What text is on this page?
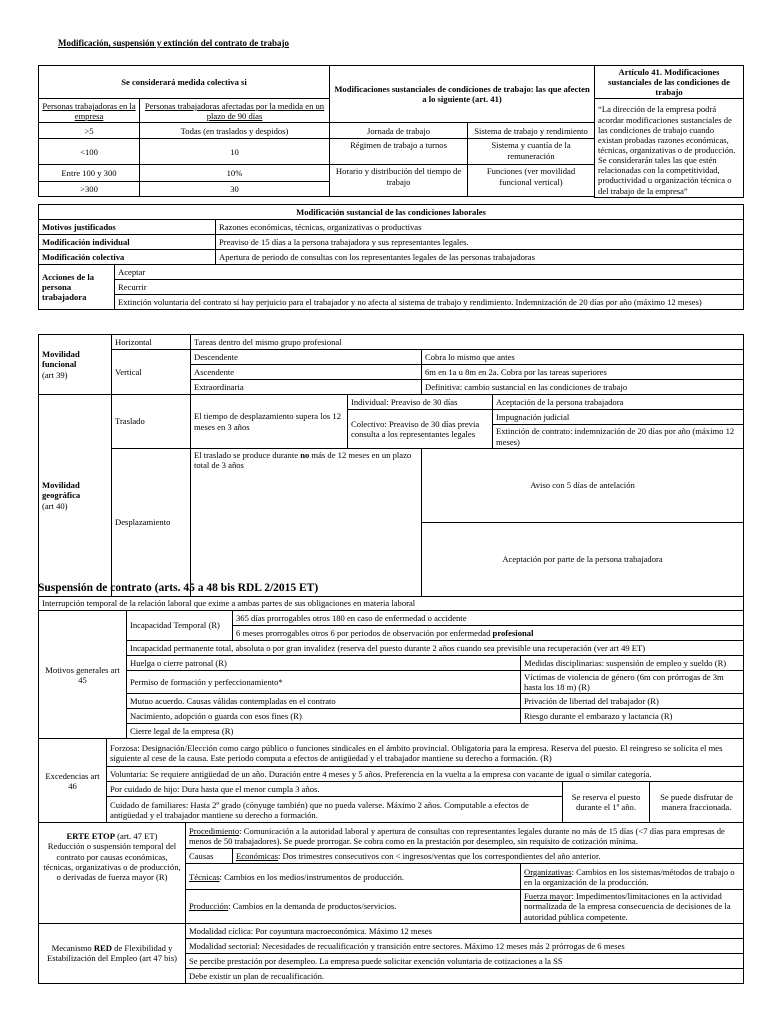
Modificación, suspensión y extinción del contrato de trabajo
Se considerará medida colectiva si		Modificaciones sustanciales de condiciones de trabajo: las que afecten a lo siguiente (art. 41)		Artículo 41. Modificaciones sustanciales de las condiciones de trabajo
Personas trabajadoras en la empresa	Personas trabajadoras afectadas por la medida en un plazo de 90 días			“La dirección de la empresa podrá acordar modificaciones sustanciales de las condiciones de trabajo cuando existan probadas razones económicas, técnicas, organizativas o de producción. Se considerarán tales las que estén relacionadas con la competitividad, productividad u organización técnica o del trabajo de la empresa”
>5	Todas (en traslados y despidos)	Jornada de trabajo	Sistema de trabajo y rendimiento	
<100	10	Régimen de trabajo a turnos	Sistema y cuantía de la remuneración	
Entre 100 y 300	10%	Horario y distribución del tiempo de trabajo	Funciones (ver movilidad funcional vertical)	
>300	30			

Modificación sustancial de las condiciones laborales		
Motivos justificados		Razones económicas, técnicas, organizativas o productivas
Modificación individual		Preaviso de 15 días a la persona trabajadora y sus representantes legales.
Modificación colectiva		Apertura de periodo de consultas con los representantes legales de las personas trabajadoras
Acciones de la persona trabajadora	Aceptar	
	Recurrir	
	Extinción voluntaria del contrato si hay perjuicio para el trabajador y no afecta al sistema de trabajo y rendimiento. Indemnización de 20 días por año (máximo 12 meses)	
Movilidad funcional
(art 39)	Horizontal	Tareas dentro del mismo grupo profesional				
	Vertical	Descendente		Cobra lo mismo que antes		
		Ascendente		6m en 1a u 8m en 2a. Cobra por las tareas superiores		
		Extraordinaria		Definitiva: cambio sustancial en las condiciones de trabajo		
Movilidad geográfica
(art 40)	Traslado	El tiempo de desplazamiento supera los 12 meses en 3 años	Individual: Preaviso de 30 días		Aceptación de la persona trabajadora	
			Colectivo: Preaviso de 30 días previa consulta a los representantes legales		Impugnación judicial	
					Extinción de contrato: indemnización de 20 días por año (máximo 12 meses)	

	Desplazamiento	El traslado se produce durante no más de 12 meses en un plazo total de 3 años		Aviso con 5 días de antelación	
				Aceptación por parte de la persona trabajadora	
Suspensión de contrato (arts. 45 a 48 bis RDL 2/2015 ET)
Interrupción temporal de la relación laboral que exime a ambas partes de sus obligaciones en materia laboral							
Motivos generales art 45		Incapacidad Temporal (R)		365 días prorrogables otros 180 en caso de enfermedad o accidente			
				6 meses prorrogables otros 6 por periodos de observación por enfermedad profesional			
		Incapacidad permanente total, absoluta o por gran invalidez (reserva del puesto durante 2 años cuando sea previsible una recuperación (ver art 49 ET)					
		Huelga o cierre patronal (R)			Medidas disciplinarias: suspensión de empleo y sueldo (R)		
		Permiso de formación y perfeccionamiento*			Víctimas de violencia de género (6m con prórrogas de 3m hasta los 18 m) (R)		
		Mutuo acuerdo. Causas válidas contempladas en el contrato			Privación de libertad del trabajador (R)		
		Nacimiento, adopción o guarda con esos fines (R)			Riesgo durante el embarazo y lactancia (R)		
		Cierre legal de la empresa (R)					

Excedencias art 46	Forzosa: Designación/Elección como cargo público o funciones sindicales en el ámbito provincial. Obligatoria para la empresa. Reserva del puesto. El reingreso se solicita el mes siguiente al cese de la causa. Este periodo computa a efectos de antigüedad y el trabajador mantiene su derecho a formación. (R)						
	Voluntaria: Se requiere antigüedad de un año. Duración entre 4 meses y 5 años. Preferencia en la vuelta a la empresa con vacante de igual o similar categoría.						
	Por cuidado de hijo: Dura hasta que el menor cumpla 3 años.					Se reserva el puesto durante el 1º año.	Se puede disfrutar de manera fraccionada.
	Cuidado de familiares: Hasta 2º grado (cónyuge también) que no pueda valerse. Máximo 2 años. Computable a efectos de antigüedad y el trabajador mantiene su derecho a formación.						
ERTE ETOP (art. 47 ET)
Reducción o suspensión temporal del contrato por causas económicas, técnicas, organizativas o de producción, o derivadas de fuerza mayor (R)			Procedimiento: Comunicación a la autoridad laboral y apertura de consultas con representantes legales durante no más de 15 días (<7 días para empresas de menos de 50 trabajadores). Se puede prorrogar. Se cobra como en la prestación por desempleo, sin requisito de cotización mínima.				
			Causas	Económicas: Dos trimestres consecutivos con < ingresos/ventas que los correspondientes del año anterior.			
			Técnicas: Cambios en los medios/instrumentos de producción.		Organizativas: Cambios en los sistemas/métodos de trabajo o en la organización de la producción.		
			Producción: Cambios en la demanda de productos/servicios.		Fuerza mayor: Impedimentos/limitaciones en la actividad normalizada de la empresa consecuencia de decisiones de la autoridad pública competente.		
Mecanismo RED de Flexibilidad y Estabilización del Empleo (art 47 bis)			Modalidad cíclica: Por coyuntura macroeconómica. Máximo 12 meses				
			Modalidad sectorial: Necesidades de recualificación y transición entre sectores. Máximo 12 meses más 2 prórrogas de 6 meses				
			Se percibe prestación por desempleo. La empresa puede solicitar exención voluntaria de cotizaciones a la SS				
			Debe existir un plan de recualificación.				
